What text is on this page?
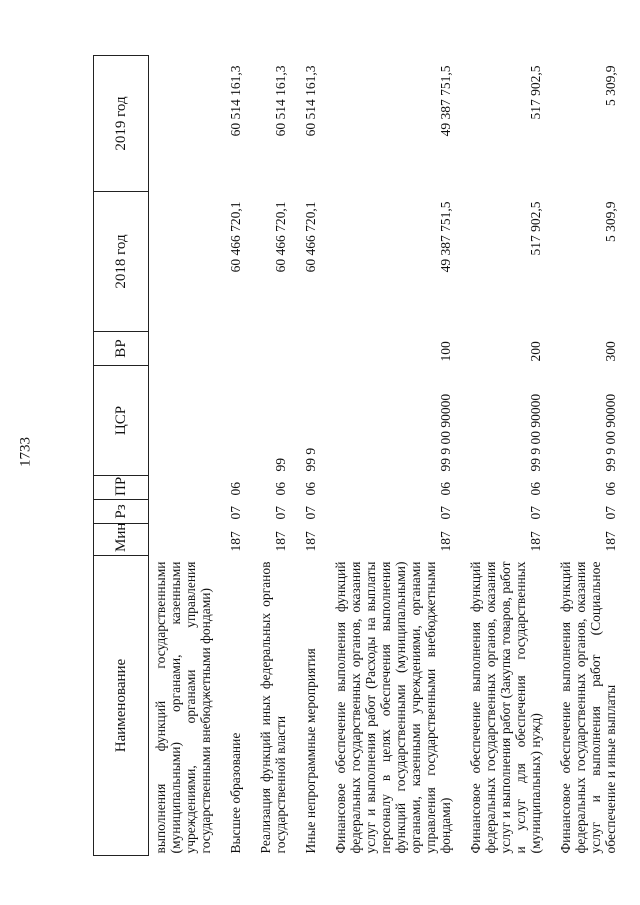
1733
Наименование	Мин	Рз	ПР	ЦСР	ВР	2018 год	2019 год
выполнения функций государственными (муниципальными) органами, казенными учреждениями, органами управления государственными внебюджетными фондами)							
Высшее образование	187	07	06			60 466 720,1	60 514 161,3
Реализация функций иных федеральных органов государственной власти	187	07	06	99		60 466 720,1	60 514 161,3
Иные непрограммные мероприятия	187	07	06	99 9		60 466 720,1	60 514 161,3
Финансовое обеспечение выполнения функций федеральных государственных органов, оказания услуг и выполнения работ (Расходы на выплаты персоналу в целях обеспечения выполнения функций государственными (муниципальными) органами, казенными учреждениями, органами управления государственными внебюджетными фондами)	187	07	06	99 9 00 90000	100	49 387 751,5	49 387 751,5
Финансовое обеспечение выполнения функций федеральных государственных органов, оказания услуг и выполнения работ (Закупка товаров, работ и услуг для обеспечения государственных (муниципальных) нужд)	187	07	06	99 9 00 90000	200	517 902,5	517 902,5
Финансовое обеспечение выполнения функций федеральных государственных органов, оказания услуг и выполнения работ (Социальное обеспечение и иные выплаты	187	07	06	99 9 00 90000	300	5 309,9	5 309,9
